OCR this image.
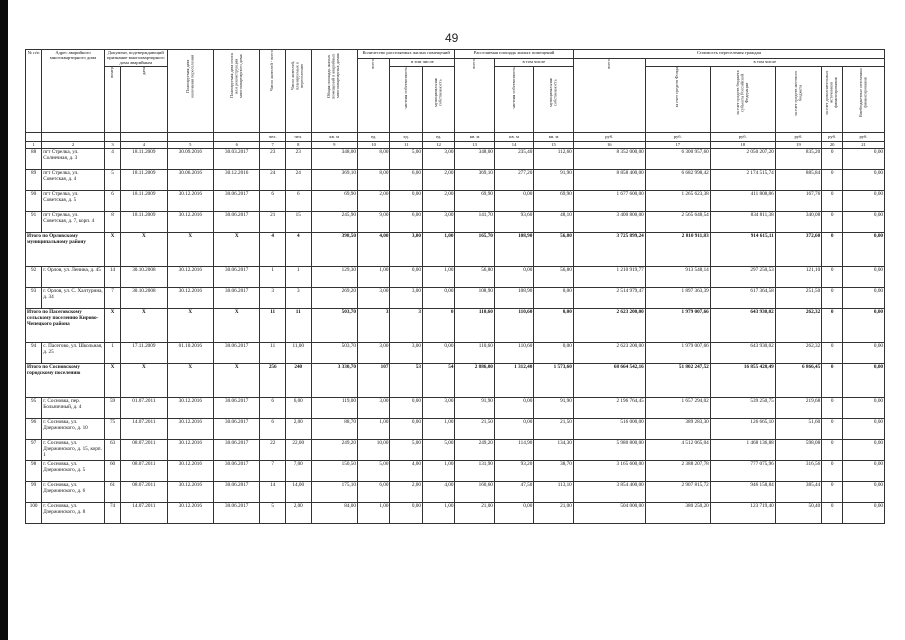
49
№ п/п	Адрес аварийного многоквартирного дома	Документ, подтверждающий признание многоквартирного дома аварийным		Планируемая дата окончания переселения	Планируемая дата сноса или реконструкции многоквартирного дома	Число жителей - всего	Число жителей, планируемых к переселению	Общая площадь жилых помещений в аварийных многоквартирных домах	Количество расселяемых жилых помещений			Расселяемая площадь жилых помещений			Стоимость переселения граждан					
									всего	в том числе		всего	в том числе		всего	в том числе				
		номер	дата							частная собственность	муниципальная собственность		частная собственность	муниципальная собственность		за счет средств Фонда	за счет средств бюджета субъекта Российской Федерации	за счет средств местного бюджета	за счет дополнительных источников финансирования	Внебюджетные источники финансирования
						чел.	чел.	кв. м	ед.	ед.	ед.	кв. м	кв. м	кв. м	руб.	руб.	руб.	руб.	руб.	руб.
1	2	3	4	5	6	7	8	9	10	11	12	13	14	15	16	17	18	19	20	21
88	пгт Стрелка, ул. Солнечная, д. 3	4	18.11.2009	30.09.2016	30.03.2017	23	23	348,00	8,00	5,00	3,00	348,00	235,40	112,60	8 352 000,00	6 300 957,60	2 050 207,20	835,20	0	0,00
89	пгт Стрелка, ул. Советская, д. 4	5	18.11.2009	30.06.2016	30.12.2016	24	24	369,10	8,00	6,00	2,00	369,10	277,20	91,90	8 858 400,00	6 682 998,42	2 174 515,74	885,84	0	0,00
90	пгт Стрелка, ул. Советская, д. 5	6	18.11.2009	30.12.2016	30.06.2017	6	6	69,90	2,00	0,00	2,00	69,90	0,00	69,90	1 677 600,00	1 265 623,38	411 808,86	167,76	0	0,00
91	пгт Стрелка, ул. Советская, д. 7, корп. 4	8	18.11.2009	30.12.2016	30.06.2017	21	15	245,90	9,00	6,00	3,00	141,70	93,60	48,10	3 400 800,00	2 565 648,54	834 811,38	340,08	0	0,00
Итого по Орловскому муниципальному району		X	X	X	X	4	4	398,50	4,00	3,00	1,00	165,70	108,90	56,80	3 725 899,24	2 810 911,83	914 615,11	372,60	0	0,00
92	г. Орлов, ул. Ленина, д. 45	14	30.10.2008	30.12.2016	30.06.2017	1	1	129,30	1,00	0,00	1,00	56,80	0,00	56,80	1 210 919,77	913 548,14	297 250,53	121,10	0	0,00
93	г. Орлов, ул. С. Халтурина, д. 34	7	30.10.2008	30.12.2016	30.06.2017	3	3	269,20	3,00	3,00	0,00	108,90	108,90	0,00	2 514 979,47	1 897 363,39	617 364,58	251,50	0	0,00
Итого по Пасеговскому сельскому поселению Кирово-Чепецкого района		X	X	X	X	11	11	503,70	3	3	0	110,60	110,60	0,00	2 623 200,00	1 979 007,66	643 930,02	262,32	0	0,00
94	с. Пасегово, ул. Школьная, д. 25	1	17.11.2009	01.10.2016	30.06.2017	11	11,00	503,70	3,00	3,00	0,00	110,60	110,60	0,00	2 623 200,00	1 979 007,66	643 930,02	262,32	0	0,00
Итого по Сосновскому городскому поселению		X	X	X	X	256	240	3 330,70	107	53	54	2 886,00	1 312,40	1 573,60	68 664 542,16	51 802 247,52	16 855 428,49	6 866,45	0	0,00
95	г. Сосновка, пер. Больничный, д. 4	59	01.07.2011	30.12.2016	30.06.2017	6	6,00	119,00	3,00	0,00	3,00	91,90	0,00	91,90	2 196 764,45	1 657 294,02	539 250,75	219,68	0	0,00
96	г. Сосновка, ул. Дзержинского, д. 10	75	14.07.2011	30.12.2016	30.06.2017	6	2,00	88,70	1,00	0,00	1,00	21,50	0,00	21,50	516 000,00	389 283,30	126 665,10	51,60	0	0,00
97	г. Сосновка, ул. Дзержинского, д. 15, корп. 1	63	08.07.2011	30.12.2016	30.06.2017	22	22,00	249,20	10,00	5,00	5,00	249,20	114,90	134,30	5 980 800,00	4 512 065,04	1 468 136,88	598,08	0	0,00
98	г. Сосновка, ул. Дзержинского, д. 5	60	08.07.2011	30.12.2016	30.06.2017	7	7,00	150,50	5,00	4,00	1,00	131,90	93,20	38,70	3 165 600,00	2 388 207,78	777 075,96	316,56	0	0,00
99	г. Сосновка, ул. Дзержинского, д. 6	61	08.07.2011	30.12.2016	30.06.2017	14	14,00	175,10	6,00	2,00	4,00	160,60	47,50	113,10	3 854 400,00	2 907 815,72	946 158,84	385,44	0	0,00
100	г. Сосновка, ул. Дзержинского, д. 8	74	14.07.2011	30.12.2016	30.06.2017	5	2,00	84,00	1,00	0,00	1,00	21,00	0,00	21,00	504 000,00	380 250,20	123 719,40	50,40	0	0,00
